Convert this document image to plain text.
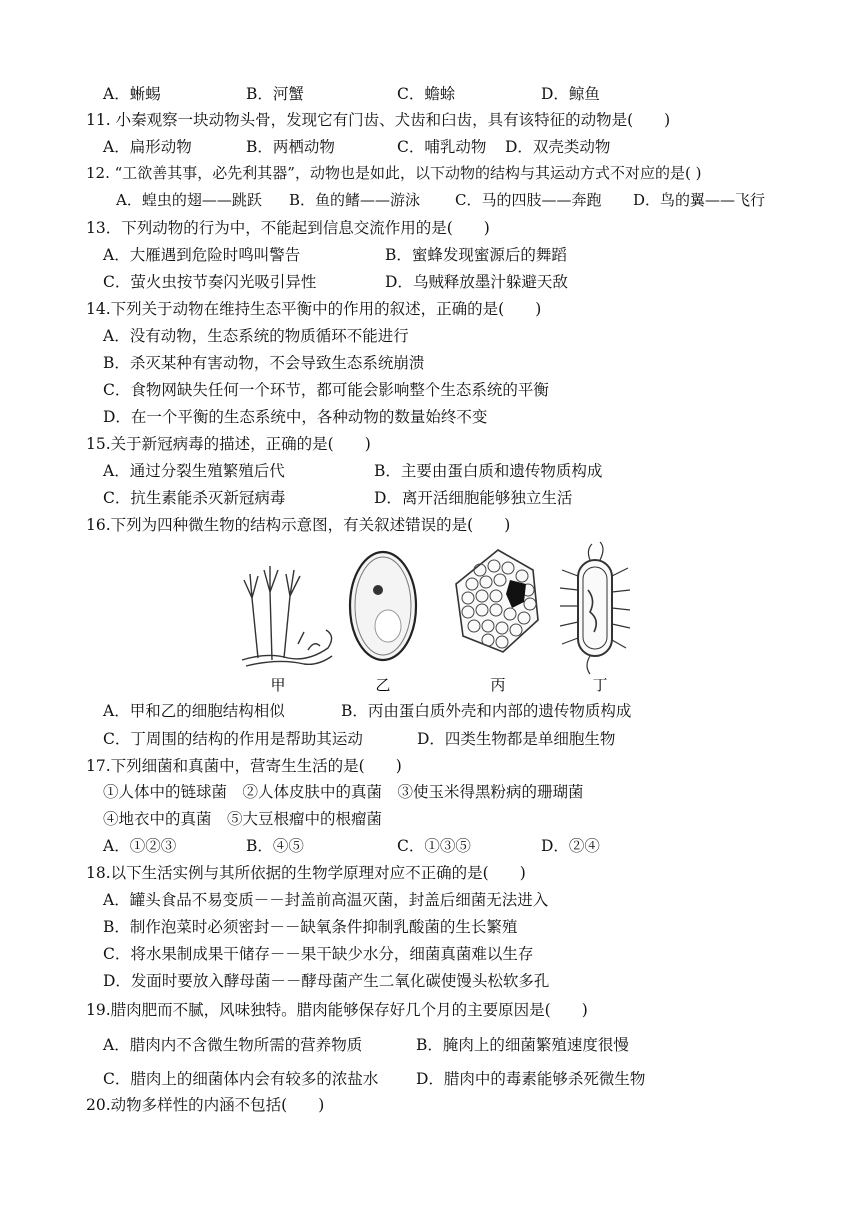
A．蜥蜴	B．河蟹	C．蟾蜍	D．鲸鱼
11. 小秦观察一块动物头骨，发现它有门齿、犬齿和臼齿，具有该特征的动物是(　　)
A．扁形动物	B．两栖动物	C．哺乳动物 D．双壳类动物
12. “工欲善其事，必先利其器”，动物也是如此，以下动物的结构与其运动方式不对应的是( )
A．蝗虫的翅——跳跃 B．鱼的鳍——游泳 C．马的四肢——奔跑 D．鸟的翼——飞行
13．下列动物的行为中，不能起到信息交流作用的是(　　)
A．大雁遇到危险时鸣叫警告	B．蜜蜂发现蜜源后的舞蹈
C．萤火虫按节奏闪光吸引异性	D．乌贼释放墨汁躲避天敌
14.下列关于动物在维持生态平衡中的作用的叙述，正确的是(　　)
A．没有动物，生态系统的物质循环不能进行
B．杀灭某种有害动物，不会导致生态系统崩溃
C．食物网缺失任何一个环节，都可能会影响整个生态系统的平衡
D．在一个平衡的生态系统中，各种动物的数量始终不变
15.关于新冠病毒的描述，正确的是(　　)
A．通过分裂生殖繁殖后代	B．主要由蛋白质和遗传物质构成
C．抗生素能杀灭新冠病毒	D．离开活细胞能够独立生活
16.下列为四种微生物的结构示意图，有关叙述错误的是(　　)
甲	乙	丙	丁
A．甲和乙的细胞结构相似	B．丙由蛋白质外壳和内部的遗传物质构成
C．丁周围的结构的作用是帮助其运动	D．四类生物都是单细胞生物
17.下列细菌和真菌中，营寄生生活的是(　　)
①人体中的链球菌　②人体皮肤中的真菌　③使玉米得黑粉病的珊瑚菌
④地衣中的真菌　⑤大豆根瘤中的根瘤菌
A．①②③	B．④⑤	C．①③⑤	D．②④
18.以下生活实例与其所依据的生物学原理对应不正确的是(　　)
A．罐头食品不易变质－－封盖前高温灭菌，封盖后细菌无法进入
B．制作泡菜时必须密封－－缺氧条件抑制乳酸菌的生长繁殖
C．将水果制成果干储存－－果干缺少水分，细菌真菌难以生存
D．发面时要放入酵母菌－－酵母菌产生二氧化碳使馒头松软多孔
19.腊肉肥而不腻，风味独特。腊肉能够保存好几个月的主要原因是(　　)
A．腊肉内不含微生物所需的营养物质	B．腌肉上的细菌繁殖速度很慢
C．腊肉上的细菌体内会有较多的浓盐水 D．腊肉中的毒素能够杀死微生物
20.动物多样性的内涵不包括(　　)
